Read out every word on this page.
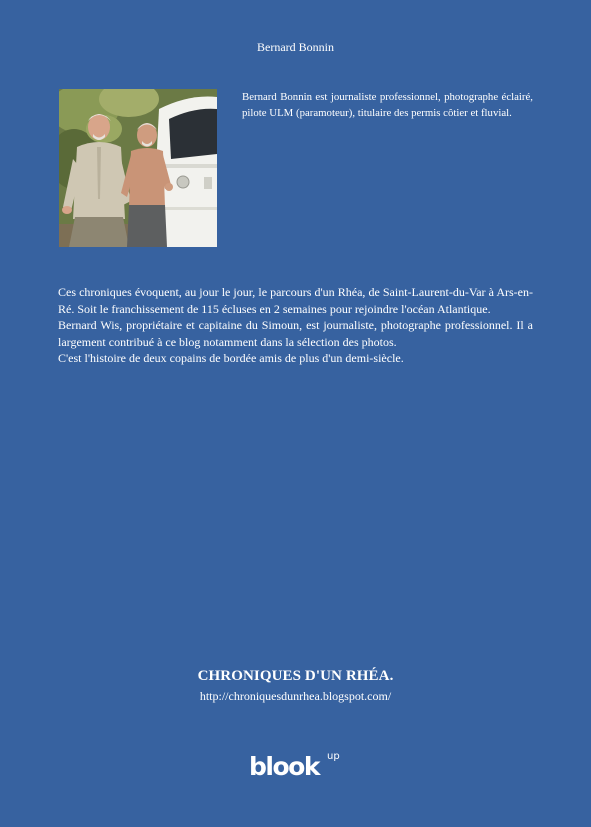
Bernard Bonnin
Bernard Bonnin est journaliste professionnel, photographe éclairé, pilote ULM (paramoteur), titulaire des permis côtier et fluvial.

Ces chroniques évoquent, au jour le jour, le parcours d'un Rhéa, de Saint-Laurent-du-Var à Ars-en-Ré. Soit le franchissement de 115 écluses en 2 semaines pour rejoindre l'océan Atlantique.

Bernard Wis, propriétaire et capitaine du Simoun, est journaliste, photographe professionnel. Il a largement contribué à ce blog notamment dans la sélection des photos.

C'est l'histoire de deux copains de bordée amis de plus d'un demi-siècle.

CHRONIQUES D'UN RHÉA.
http://chroniquesdunrhea.blogspot.com/
blook up
